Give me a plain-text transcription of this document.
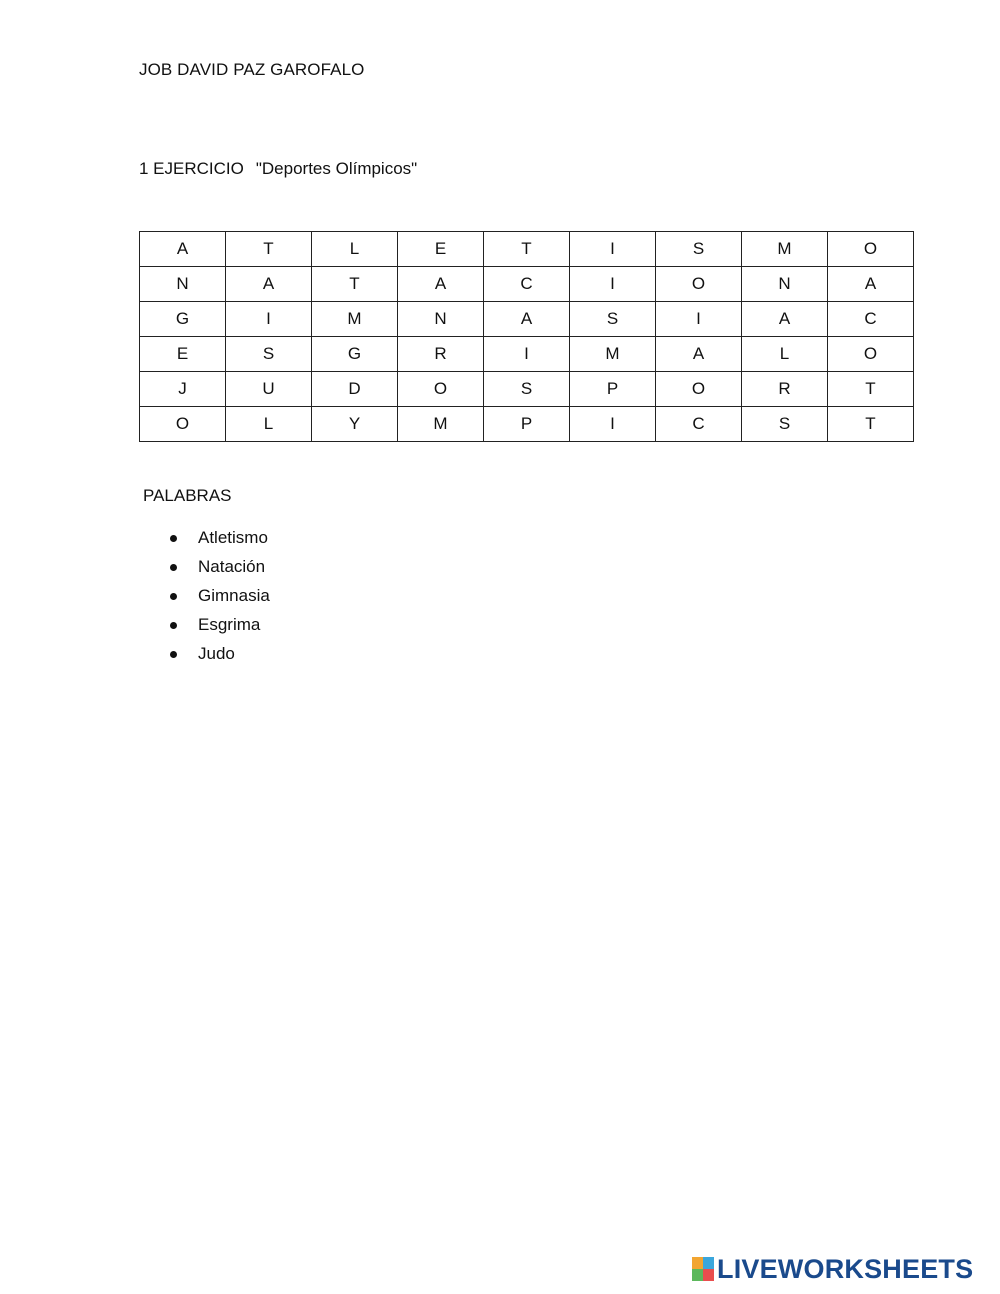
JOB DAVID PAZ GAROFALO
1 EJERCICIO "Deportes Olímpicos"
A	T	L	E	T	I	S	M	O
N	A	T	A	C	I	O	N	A
G	I	M	N	A	S	I	A	C
E	S	G	R	I	M	A	L	O
J	U	D	O	S	P	O	R	T
O	L	Y	M	P	I	C	S	T
PALABRAS
Atletismo
Natación
Gimnasia
Esgrima
Judo
LIVEWORKSHEETS
